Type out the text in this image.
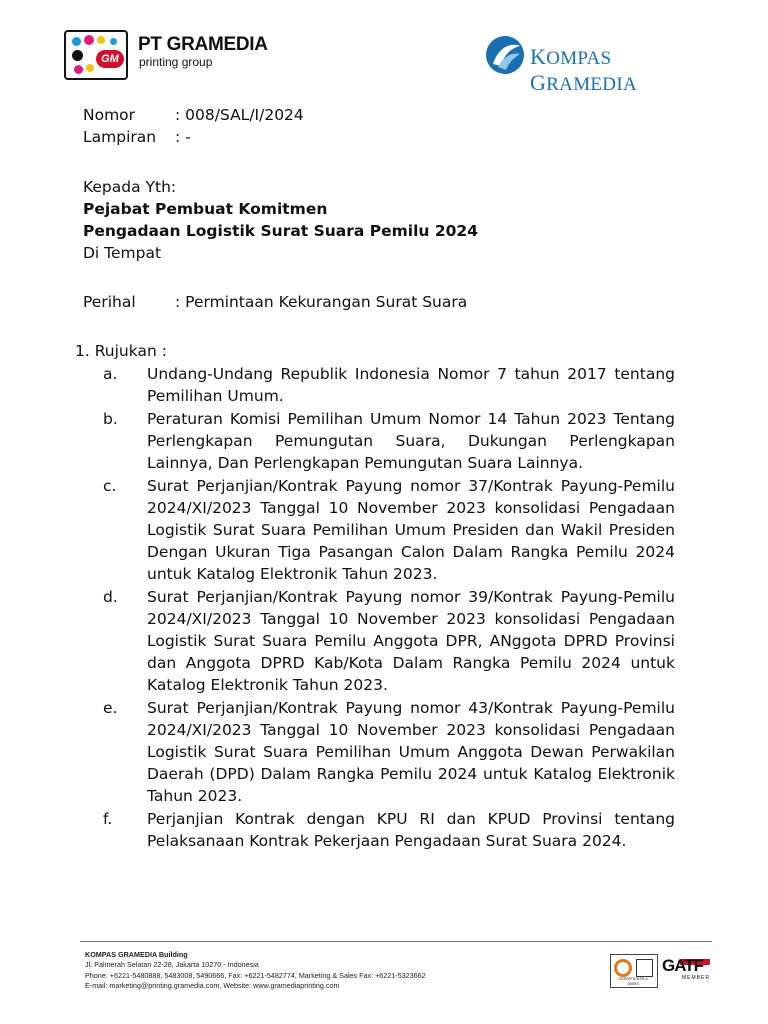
GM
PT GRAMEDIA
printing group	KOMPAS GRAMEDIA
Nomor	: 008/SAL/I/2024
Lampiran	: -
Kepada Yth:
Pejabat Pembuat Komitmen
Pengadaan Logistik Surat Suara Pemilu 2024
Di Tempat
Perihal	: Permintaan Kekurangan Surat Suara
1. Rujukan :
a.	Undang-Undang Republik Indonesia Nomor 7 tahun 2017 tentang Pemilihan Umum.
b.	Peraturan Komisi Pemilihan Umum Nomor 14 Tahun 2023 Tentang Perlengkapan Pemungutan Suara, Dukungan Perlengkapan Lainnya, Dan Perlengkapan Pemungutan Suara Lainnya.
c.	Surat Perjanjian/Kontrak Payung nomor 37/Kontrak Payung-Pemilu 2024/XI/2023 Tanggal 10 November 2023 konsolidasi Pengadaan Logistik Surat Suara Pemilihan Umum Presiden dan Wakil Presiden Dengan Ukuran Tiga Pasangan Calon Dalam Rangka Pemilu 2024 untuk Katalog Elektronik Tahun 2023.
d.	Surat Perjanjian/Kontrak Payung nomor 39/Kontrak Payung-Pemilu 2024/XI/2023 Tanggal 10 November 2023 konsolidasi Pengadaan Logistik Surat Suara Pemilu Anggota DPR, ANggota DPRD Provinsi dan Anggota DPRD Kab/Kota Dalam Rangka Pemilu 2024 untuk Katalog Elektronik Tahun 2023.
e.	Surat Perjanjian/Kontrak Payung nomor 43/Kontrak Payung-Pemilu 2024/XI/2023 Tanggal 10 November 2023 konsolidasi Pengadaan Logistik Surat Suara Pemilihan Umum Anggota Dewan Perwakilan Daerah (DPD) Dalam Rangka Pemilu 2024 untuk Katalog Elektronik Tahun 2023.
f.	Perjanjian Kontrak dengan KPU RI dan KPUD Provinsi tentang Pelaksanaan Kontrak Pekerjaan Pengadaan Surat Suara 2024.
KOMPAS GRAMEDIA Building
Jl. Palmerah Selatan 22-28, Jakarta 10270 - Indonesia
Phone: +6221-5480888, 5483008, 5490666, Fax: +6221-5482774, Marketing & Sales Fax: +6221-5323662
E-mail: marketing@printing.gramedia.com, Website: www.gramediaprinting.com
CERTIFICATE # 00093
GATF
MEMBER
